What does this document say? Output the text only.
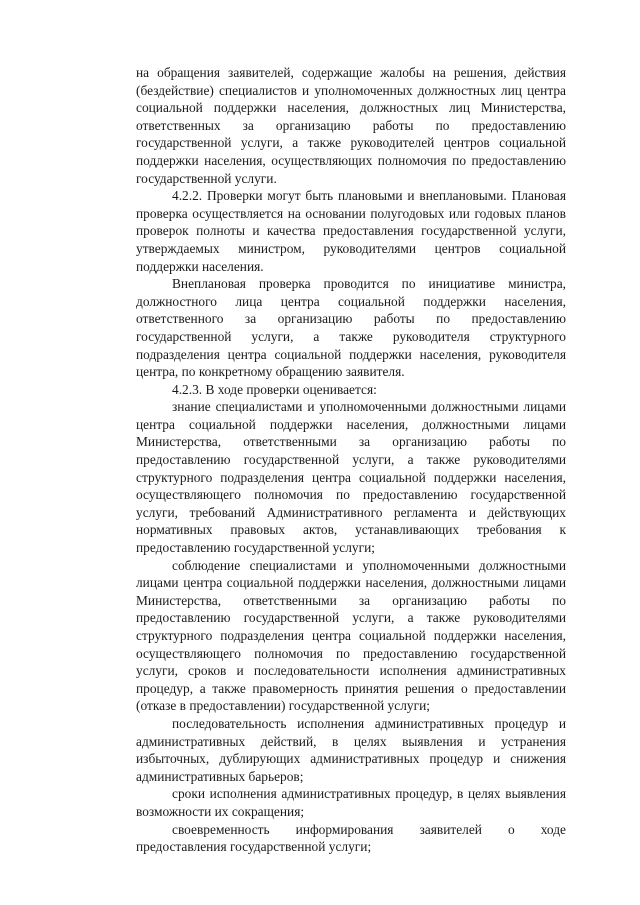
на обращения заявителей, содержащие жалобы на решения, действия (бездействие) специалистов и уполномоченных должностных лиц центра социальной поддержки населения, должностных лиц Министерства, ответственных за организацию работы по предоставлению государственной услуги, а также руководителей центров социальной поддержки населения, осуществляющих полномочия по предоставлению государственной услуги.

4.2.2. Проверки могут быть плановыми и внеплановыми. Плановая проверка осуществляется на основании полугодовых или годовых планов проверок полноты и качества предоставления государственной услуги, утверждаемых министром, руководителями центров социальной поддержки населения.

Внеплановая проверка проводится по инициативе министра, должностного лица центра социальной поддержки населения, ответственного за организацию работы по предоставлению государственной услуги, а также руководителя структурного подразделения центра социальной поддержки населения, руководителя центра, по конкретному обращению заявителя.

4.2.3. В ходе проверки оценивается:

знание специалистами и уполномоченными должностными лицами центра социальной поддержки населения, должностными лицами Министерства, ответственными за организацию работы по предоставлению государственной услуги, а также руководителями структурного подразделения центра социальной поддержки населения, осуществляющего полномочия по предоставлению государственной услуги, требований Административного регламента и действующих нормативных правовых актов, устанавливающих требования к предоставлению государственной услуги;

соблюдение специалистами и уполномоченными должностными лицами центра социальной поддержки населения, должностными лицами Министерства, ответственными за организацию работы по предоставлению государственной услуги, а также руководителями структурного подразделения центра социальной поддержки населения, осуществляющего полномочия по предоставлению государственной услуги, сроков и последовательности исполнения административных процедур, а также правомерность принятия решения о предоставлении (отказе в предоставлении) государственной услуги;

последовательность исполнения административных процедур и административных действий, в целях выявления и устранения избыточных, дублирующих административных процедур и снижения административных барьеров;

сроки исполнения административных процедур, в целях выявления возможности их сокращения;

своевременность информирования заявителей о ходе предоставления государственной услуги;
